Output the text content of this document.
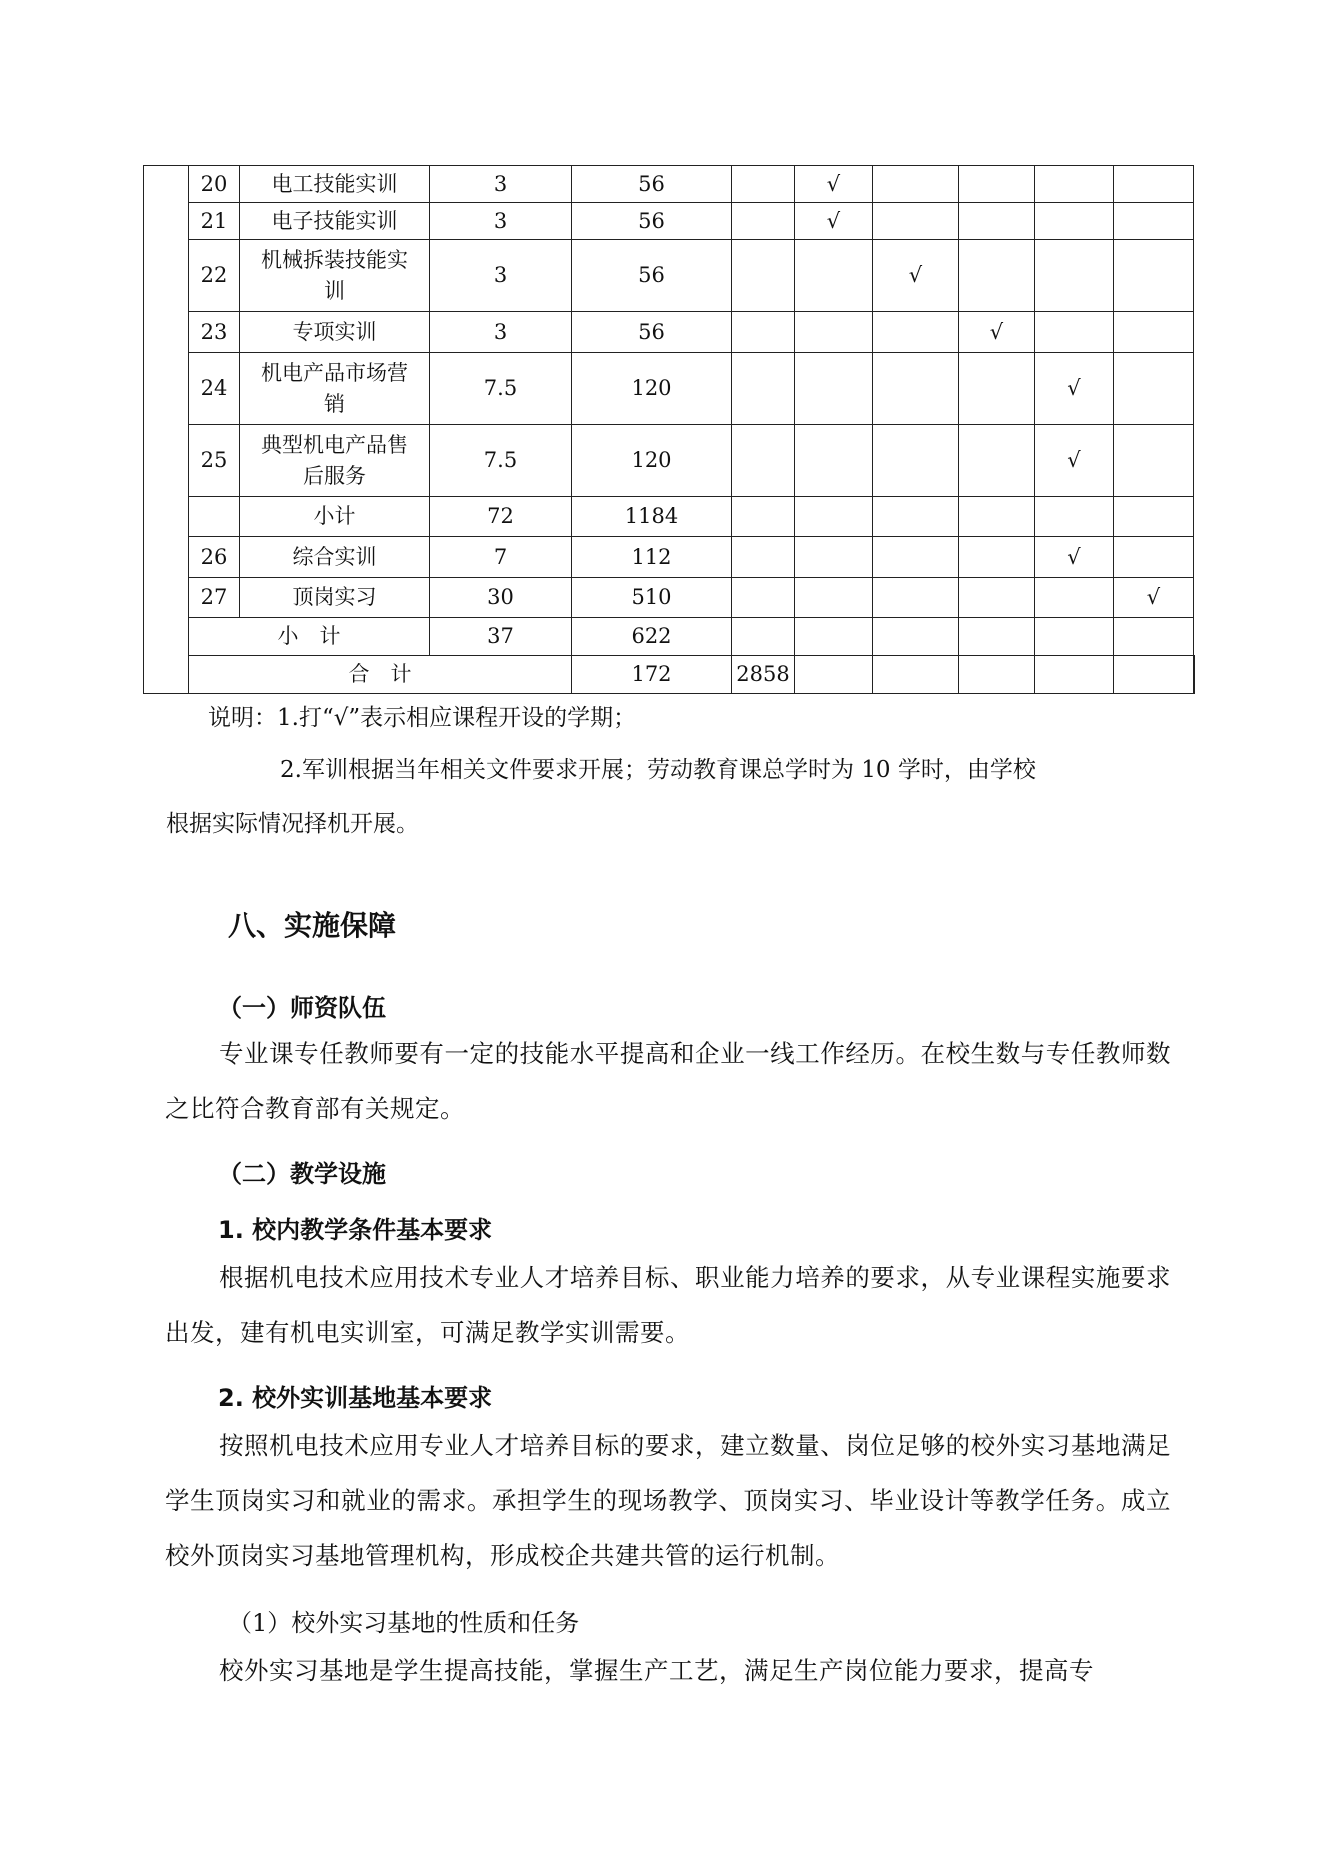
	20	电工技能实训	3	56		√					
	21	电子技能实训	3	56		√					
	22	机械拆装技能实训	3	56			√				
	23	专项实训	3	56				√			
	24	机电产品市场营销	7.5	120					√		
	25	典型机电产品售后服务	7.5	120					√		
		小计	72	1184							
	26	综合实训	7	112					√		
	27	顶岗实习	30	510						√	
	小　计		37	622							
	合　计			172	2858						

说明：1.打“√”表示相应课程开设的学期；

2.军训根据当年相关文件要求开展；劳动教育课总学时为 10 学时，由学校

根据实际情况择机开展。

八、实施保障
（一）师资队伍

专业课专任教师要有一定的技能水平提高和企业一线工作经历。在校生数与专任教师数之比符合教育部有关规定。

（二）教学设施
1. 校内教学条件基本要求

根据机电技术应用技术专业人才培养目标、职业能力培养的要求，从专业课程实施要求出发，建有机电实训室，可满足教学实训需要。

2. 校外实训基地基本要求

按照机电技术应用专业人才培养目标的要求，建立数量、岗位足够的校外实习基地满足学生顶岗实习和就业的需求。承担学生的现场教学、顶岗实习、毕业设计等教学任务。成立校外顶岗实习基地管理机构，形成校企共建共管的运行机制。

（1）校外实习基地的性质和任务

校外实习基地是学生提高技能，掌握生产工艺，满足生产岗位能力要求，提高专
